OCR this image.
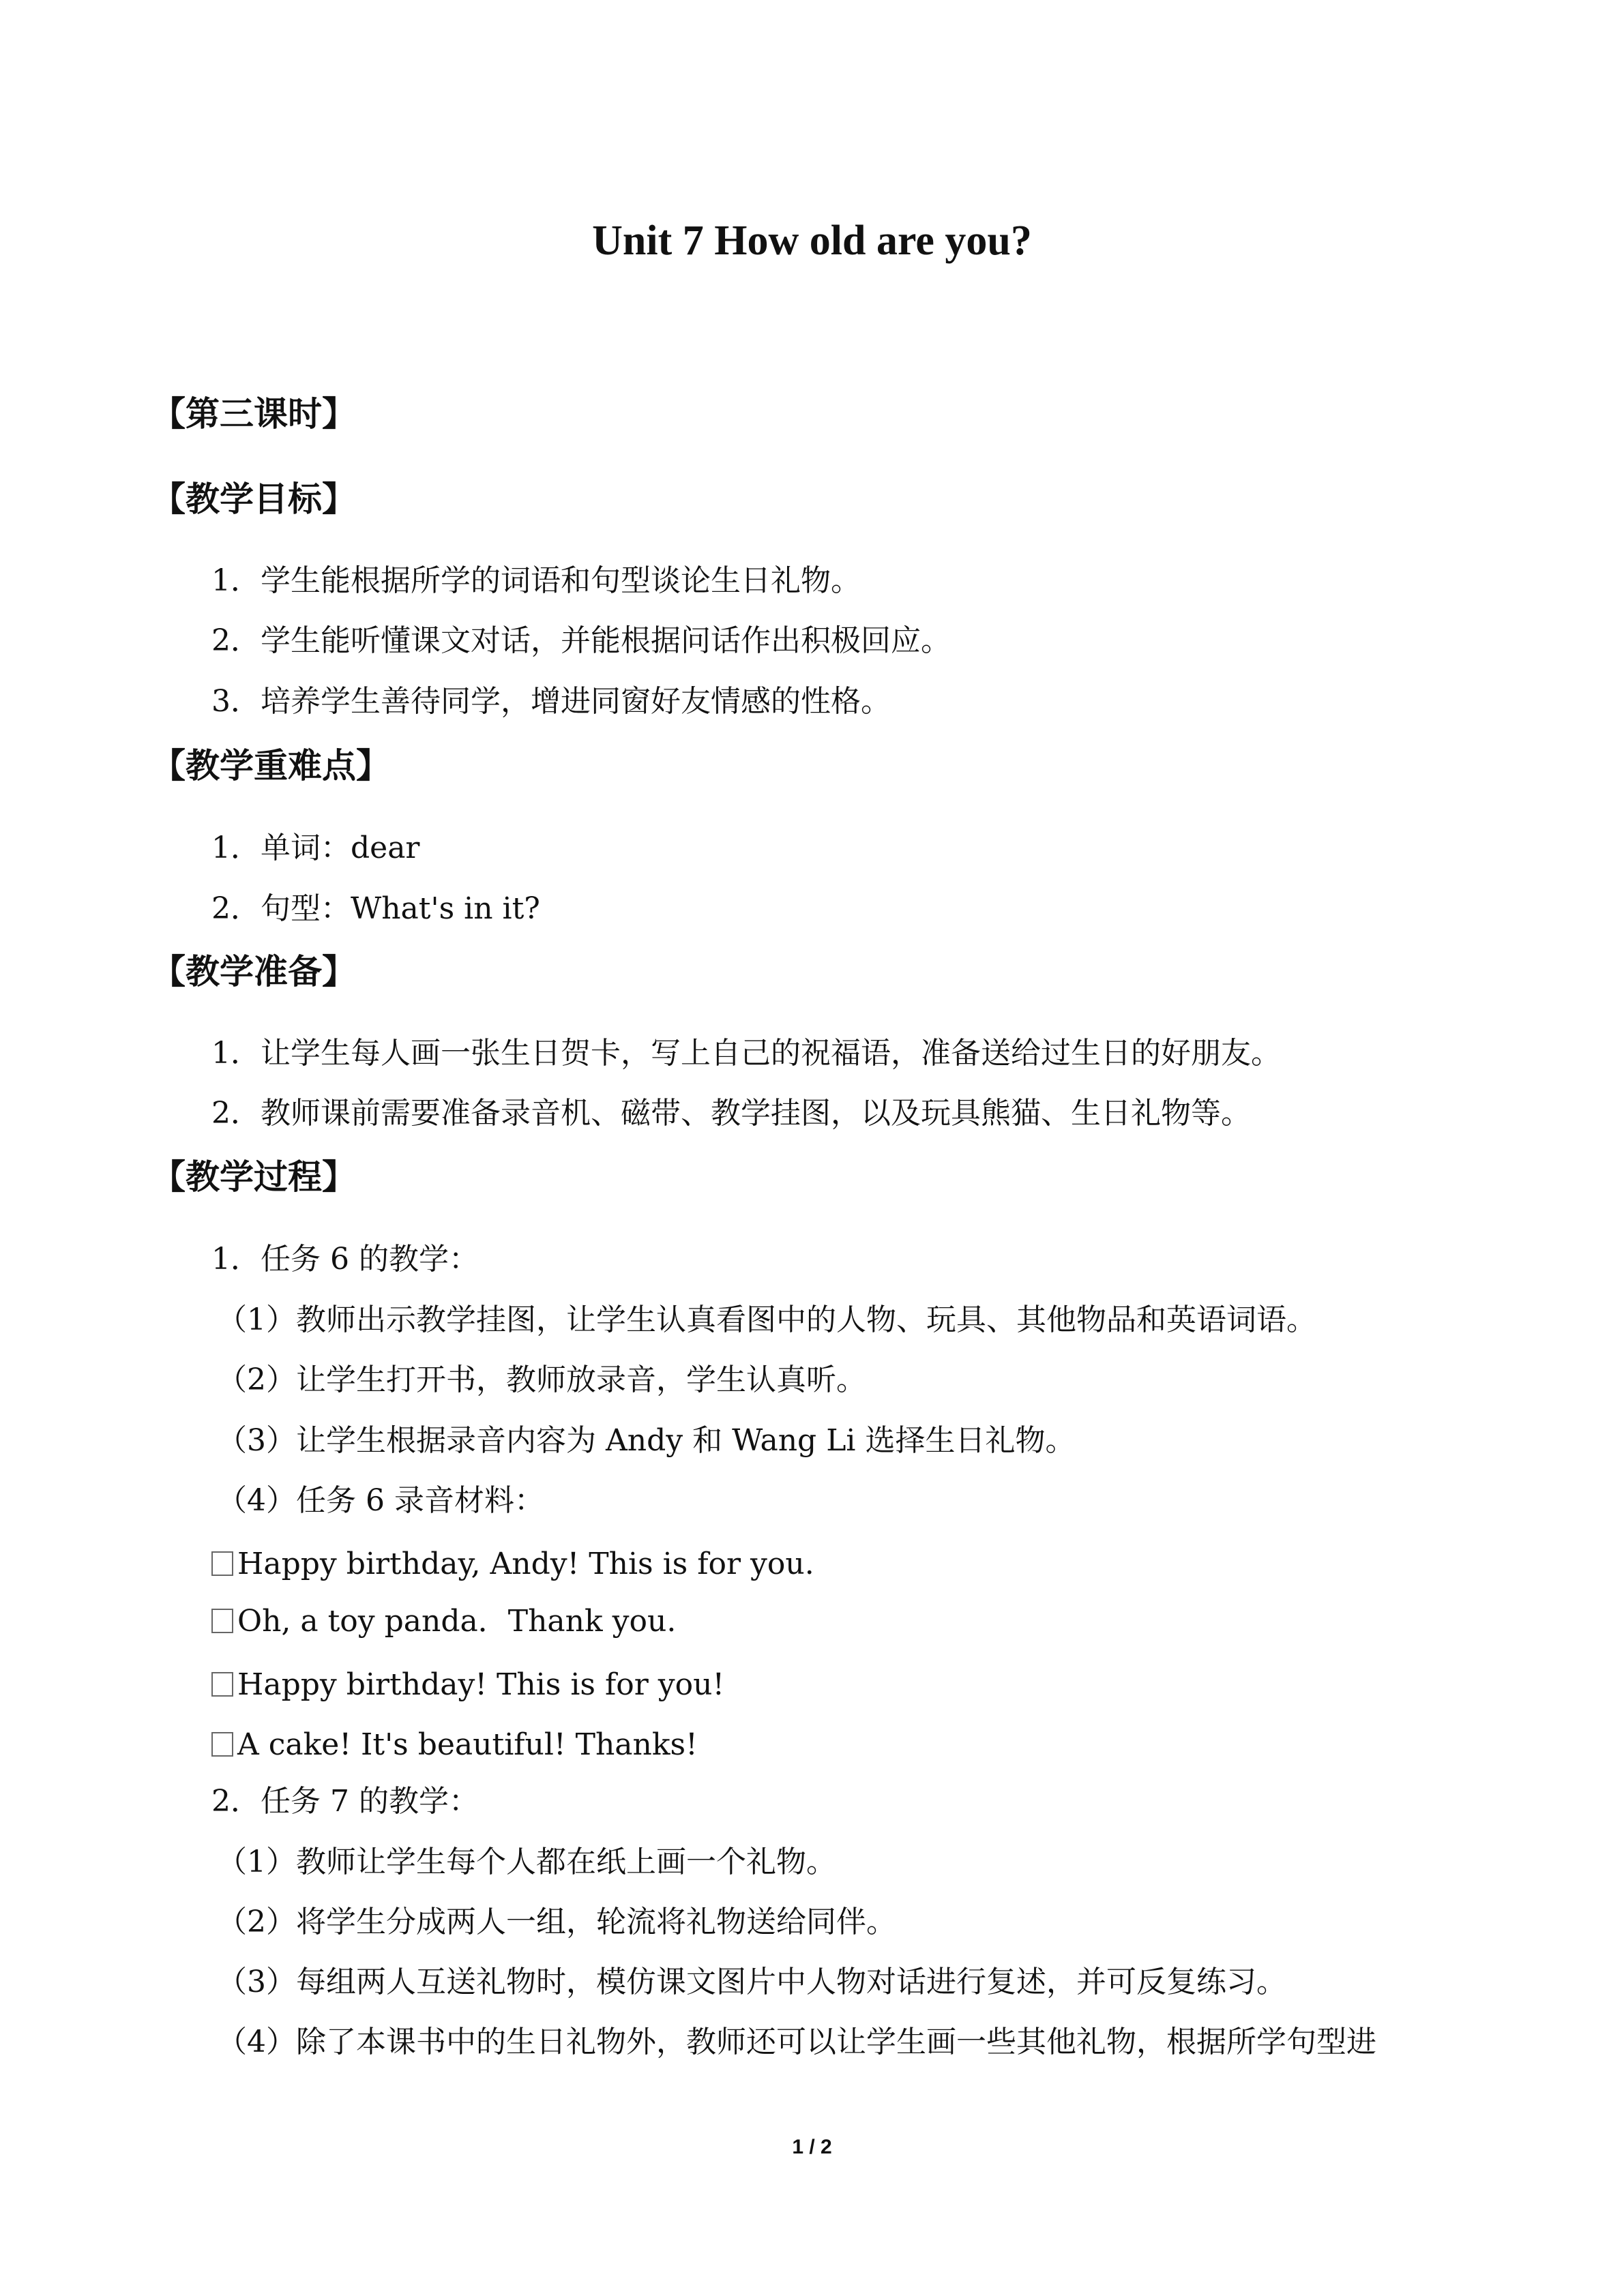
Unit 7 How old are you?
【第三课时】
【教学目标】
1．学生能根据所学的词语和句型谈论生日礼物。
2．学生能听懂课文对话，并能根据问话作出积极回应。
3．培养学生善待同学，增进同窗好友情感的性格。
【教学重难点】
1．单词：dear
2．句型：What's in it?
【教学准备】
1．让学生每人画一张生日贺卡，写上自己的祝福语，准备送给过生日的好朋友。
2．教师课前需要准备录音机、磁带、教学挂图，以及玩具熊猫、生日礼物等。
【教学过程】
1．任务 6 的教学：
（1）教师出示教学挂图，让学生认真看图中的人物、玩具、其他物品和英语词语。
（2）让学生打开书，教师放录音，学生认真听。
（3）让学生根据录音内容为 Andy 和 Wang Li 选择生日礼物。
（4）任务 6 录音材料：
Happy birthday, Andy! This is for you.
Oh, a toy panda．Thank you.
Happy birthday! This is for you!
A cake! It's beautiful! Thanks!
2．任务 7 的教学：
（1）教师让学生每个人都在纸上画一个礼物。
（2）将学生分成两人一组，轮流将礼物送给同伴。
（3）每组两人互送礼物时，模仿课文图片中人物对话进行复述，并可反复练习。
（4）除了本课书中的生日礼物外，教师还可以让学生画一些其他礼物，根据所学句型进
1 / 2
